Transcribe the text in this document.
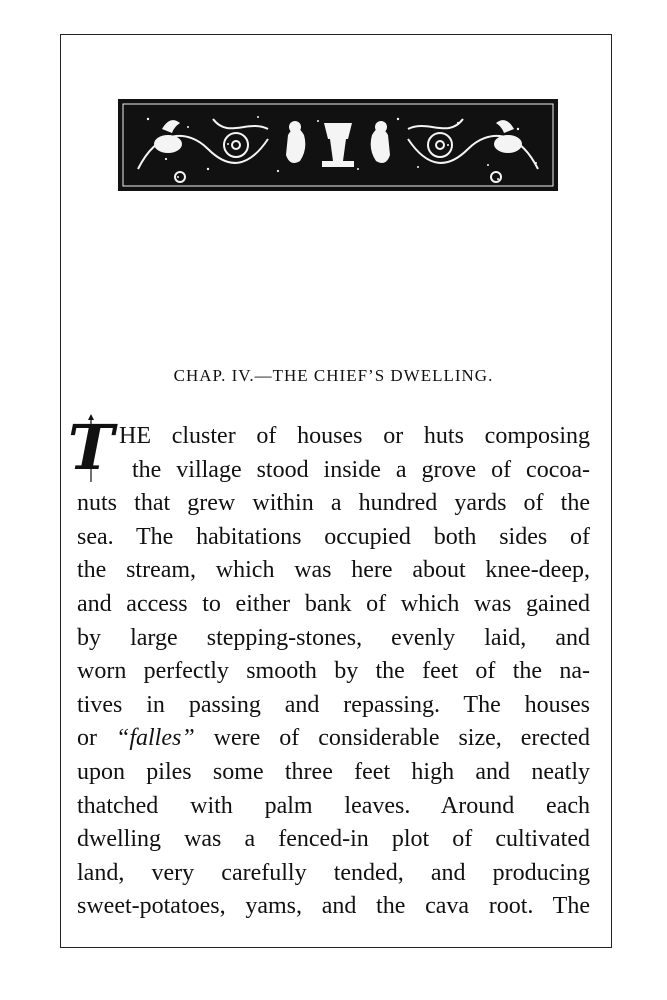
CHAP. IV.—THE CHIEF’S DWELLING.
T HE cluster of houses or huts composing
the village stood inside a grove of cocoa-
nuts that grew within a hundred yards of the
sea. The habitations occupied both sides of
the stream, which was here about knee-deep,
and access to either bank of which was gained
by large stepping-stones, evenly laid, and
worn perfectly smooth by the feet of the na-
tives in passing and repassing. The houses
or “falles” were of considerable size, erected
upon piles some three feet high and neatly
thatched with palm leaves. Around each
dwelling was a fenced-in plot of cultivated
land, very carefully tended, and producing
sweet-potatoes, yams, and the cava root. The
